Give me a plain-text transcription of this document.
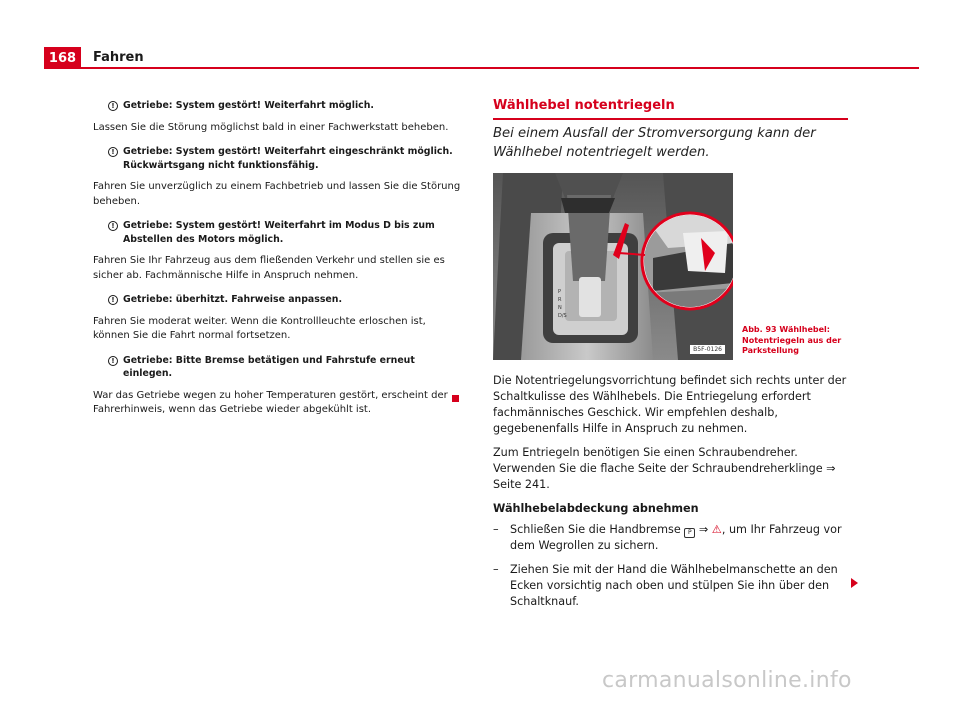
168 Fahren
! Getriebe: System gestört! Weiterfahrt möglich.

Lassen Sie die Störung möglichst bald in einer Fachwerkstatt beheben.

! Getriebe: System gestört! Weiterfahrt eingeschränkt möglich. Rückwärtsgang nicht funktionsfähig.

Fahren Sie unverzüglich zu einem Fachbetrieb und lassen Sie die Störung beheben.

! Getriebe: System gestört! Weiterfahrt im Modus D bis zum Abstellen des Motors möglich.

Fahren Sie Ihr Fahrzeug aus dem fließenden Verkehr und stellen sie es sicher ab. Fachmännische Hilfe in Anspruch nehmen.

! Getriebe: überhitzt. Fahrweise anpassen.

Fahren Sie moderat weiter. Wenn die Kontrollleuchte erloschen ist, können Sie die Fahrt normal fortsetzen.

! Getriebe: Bitte Bremse betätigen und Fahrstufe erneut einlegen.

War das Getriebe wegen zu hoher Temperaturen gestört, erscheint der Fahrerhinweis, wenn das Getriebe wieder abgekühlt ist.

Wählhebel notentriegeln
Bei einem Ausfall der Stromversorgung kann der Wählhebel notentriegelt werden.
P
R
N
D/S
B5F-0126
Abb. 93 Wählhebel: Notentriegeln aus der Parkstellung

Die Notentriegelungsvorrichtung befindet sich rechts unter der Schaltkulisse des Wählhebels. Die Entriegelung erfordert fachmännisches Geschick. Wir empfehlen deshalb, gegebenenfalls Hilfe in Anspruch zu nehmen.

Zum Entriegeln benötigen Sie einen Schraubendreher. Verwenden Sie die flache Seite der Schraubendreherklinge ⇒ Seite 241.

Wählhebelabdeckung abnehmen
–	Schließen Sie die Handbremse P ⇒ ⚠, um Ihr Fahrzeug vor dem Wegrollen zu sichern.
–	Ziehen Sie mit der Hand die Wählhebelmanschette an den Ecken vorsichtig nach oben und stülpen Sie ihn über den Schaltknauf.
carmanualsonline.info
